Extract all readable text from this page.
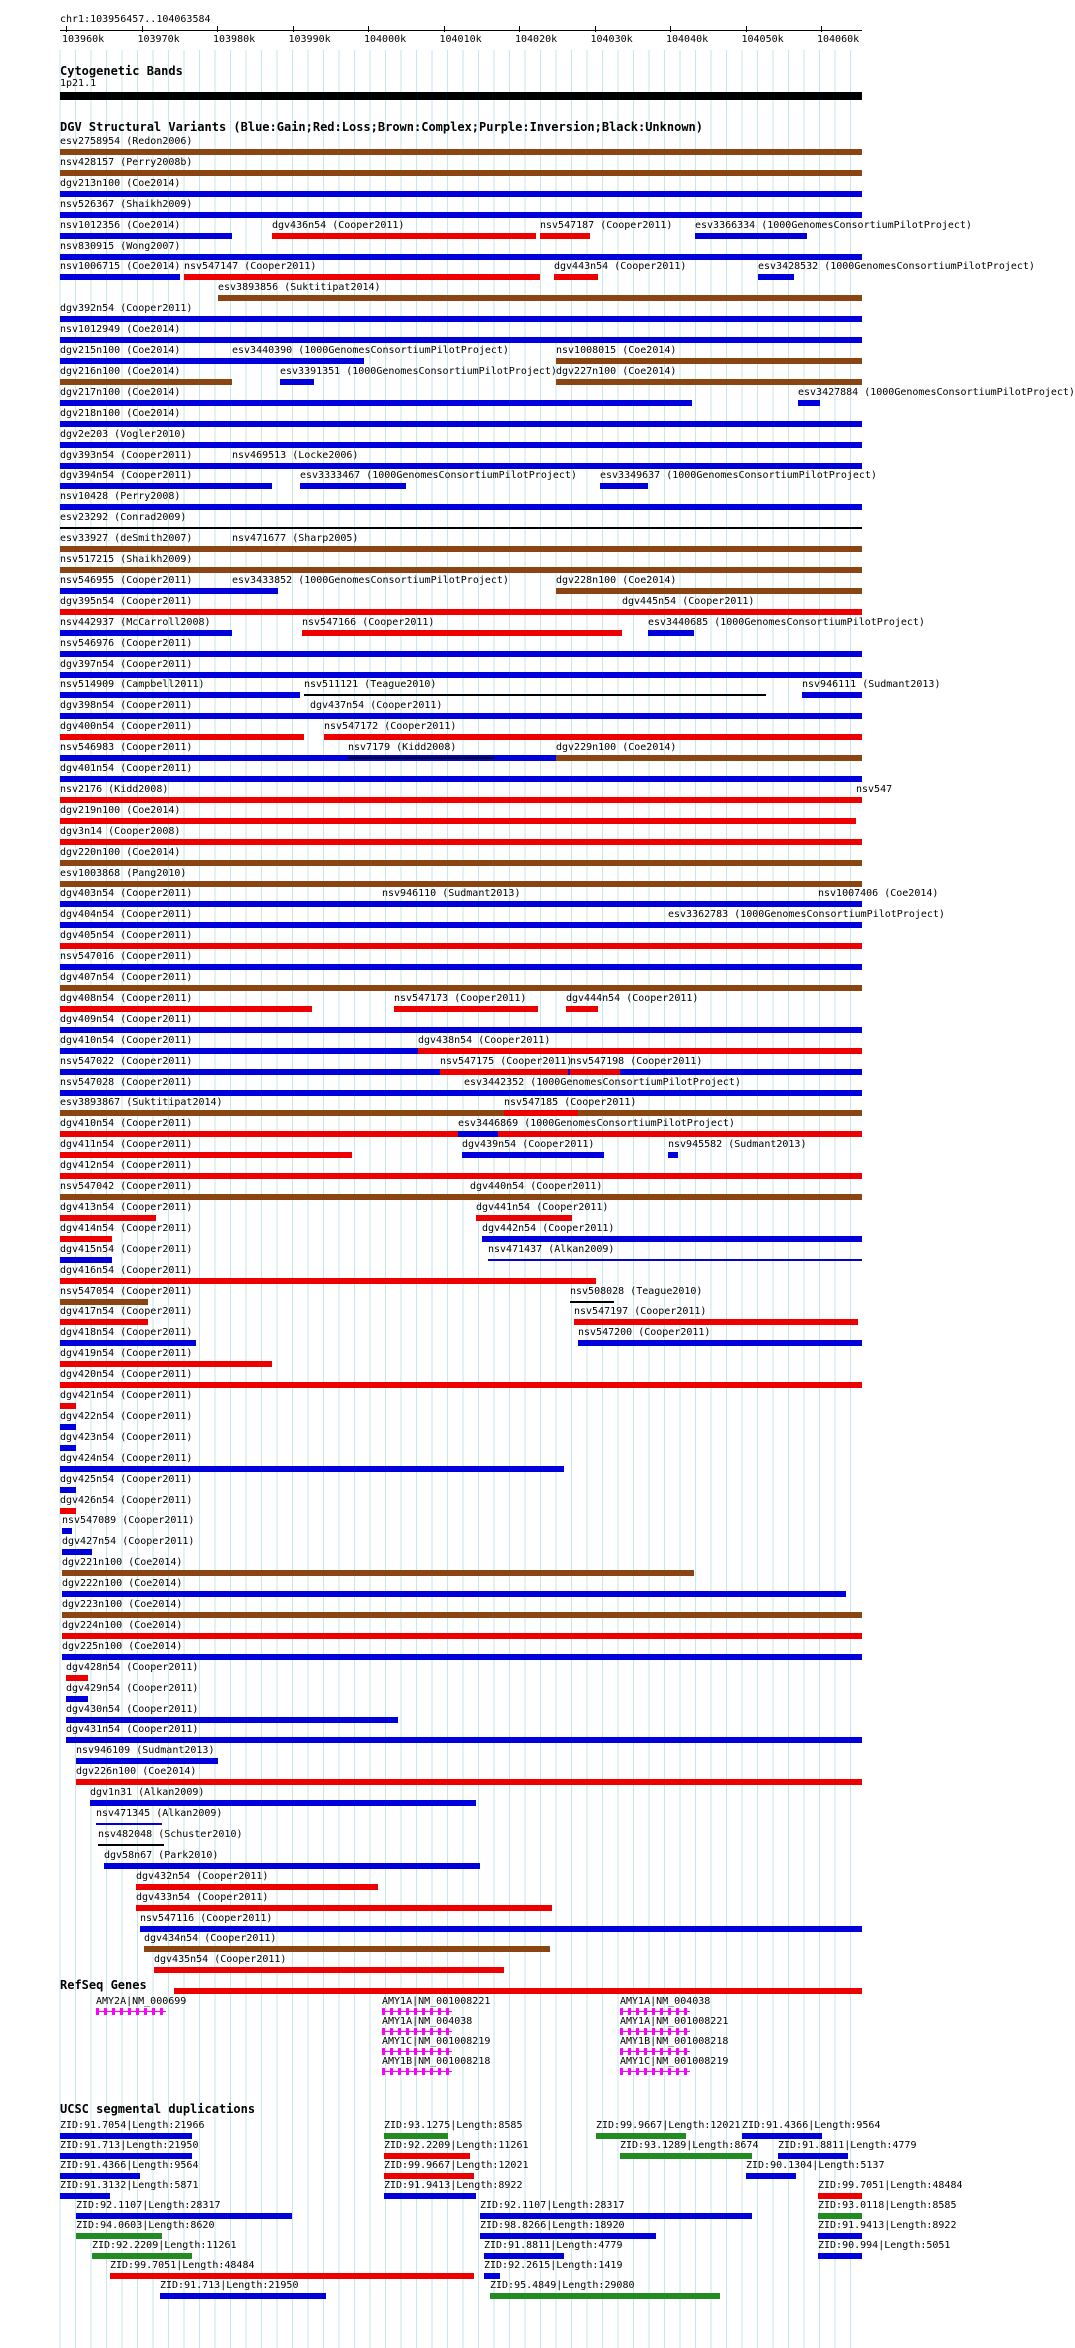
chr1:103956457..104063584
103960k	103970k	103980k	103990k	104000k	104010k	104020k	104030k	104040k	104050k	104060k
Cytogenetic Bands
1p21.1
DGV Structural Variants (Blue:Gain;Red:Loss;Brown:Complex;Purple:Inversion;Black:Unknown)
esv2758954 (Redon2006)
nsv428157 (Perry2008b)
dgv213n100 (Coe2014)
nsv526367 (Shaikh2009)
nsv1012356 (Coe2014)	dgv436n54 (Cooper2011)	nsv547187 (Cooper2011) esv3366334 (1000GenomesConsortiumPilotProject)
nsv830915 (Wong2007)
nsv1006715 (Coe2014) nsv547147 (Cooper2011)	dgv443n54 (Cooper2011)	esv3428532 (1000GenomesConsortiumPilotProject)
esv3893856 (Suktitipat2014)
dgv392n54 (Cooper2011)
nsv1012949 (Coe2014)
dgv215n100 (Coe2014)	esv3440390 (1000GenomesConsortiumPilotProject)	nsv1008015 (Coe2014)
dgv216n100 (Coe2014)	esv3391351 (1000GenomesConsortiumPilotProject) dgv227n100 (Coe2014)
dgv217n100 (Coe2014)	esv3427884 (1000GenomesConsortiumPilotProject)
dgv218n100 (Coe2014)
dgv2e203 (Vogler2010)
dgv393n54 (Cooper2011)	nsv469513 (Locke2006)
dgv394n54 (Cooper2011)	esv3333467 (1000GenomesConsortiumPilotProject) esv3349637 (1000GenomesConsortiumPilotProject)
nsv10428 (Perry2008)
esv23292 (Conrad2009)
esv33927 (deSmith2007)	nsv471677 (Sharp2005)
nsv517215 (Shaikh2009)
nsv546955 (Cooper2011)	esv3433852 (1000GenomesConsortiumPilotProject)	dgv228n100 (Coe2014)
dgv395n54 (Cooper2011)	dgv445n54 (Cooper2011)
nsv442937 (McCarroll2008)	nsv547166 (Cooper2011)	esv3440685 (1000GenomesConsortiumPilotProject)
nsv546976 (Cooper2011)
dgv397n54 (Cooper2011)
nsv514909 (Campbell2011)	nsv511121 (Teague2010)	nsv946111 (Sudmant2013)
dgv398n54 (Cooper2011)	dgv437n54 (Cooper2011)
dgv400n54 (Cooper2011)	nsv547172 (Cooper2011)
nsv546983 (Cooper2011)	nsv7179 (Kidd2008)	dgv229n100 (Coe2014)
dgv401n54 (Cooper2011)
nsv2176 (Kidd2008)	nsv547
dgv219n100 (Coe2014)
dgv3n14 (Cooper2008)
dgv220n100 (Coe2014)
esv1003868 (Pang2010)
dgv403n54 (Cooper2011)	nsv946110 (Sudmant2013)	nsv1007406 (Coe2014)
dgv404n54 (Cooper2011)	esv3362783 (1000GenomesConsortiumPilotProject)
dgv405n54 (Cooper2011)
nsv547016 (Cooper2011)
dgv407n54 (Cooper2011)
dgv408n54 (Cooper2011)	nsv547173 (Cooper2011)	dgv444n54 (Cooper2011)
dgv409n54 (Cooper2011)
dgv410n54 (Cooper2011)	dgv438n54 (Cooper2011)
nsv547022 (Cooper2011)	nsv547175 (Cooper2011)
nsv547198 (Cooper2011)
nsv547028 (Cooper2011)	esv3442352 (1000GenomesConsortiumPilotProject)
esv3893867 (Suktitipat2014)	nsv547185 (Cooper2011)
dgv410n54 (Cooper2011)	esv3446869 (1000GenomesConsortiumPilotProject)
dgv411n54 (Cooper2011)	dgv439n54 (Cooper2011)	nsv945582 (Sudmant2013)
dgv412n54 (Cooper2011)
nsv547042 (Cooper2011)	dgv440n54 (Cooper2011)
dgv413n54 (Cooper2011)	dgv441n54 (Cooper2011)
dgv414n54 (Cooper2011)	dgv442n54 (Cooper2011)
dgv415n54 (Cooper2011)	nsv471437 (Alkan2009)
dgv416n54 (Cooper2011)
nsv547054 (Cooper2011)	nsv508028 (Teague2010)
dgv417n54 (Cooper2011)	nsv547197 (Cooper2011)
dgv418n54 (Cooper2011)	nsv547200 (Cooper2011)
dgv419n54 (Cooper2011)
dgv420n54 (Cooper2011)
dgv421n54 (Cooper2011)
dgv422n54 (Cooper2011)
dgv423n54 (Cooper2011)
dgv424n54 (Cooper2011)
dgv425n54 (Cooper2011)
dgv426n54 (Cooper2011)
nsv547089 (Cooper2011)
dgv427n54 (Cooper2011)
dgv221n100 (Coe2014)
dgv222n100 (Coe2014)
dgv223n100 (Coe2014)
dgv224n100 (Coe2014)
dgv225n100 (Coe2014)
dgv428n54 (Cooper2011)
dgv429n54 (Cooper2011)
dgv430n54 (Cooper2011)
dgv431n54 (Cooper2011)
nsv946109 (Sudmant2013)
dgv226n100 (Coe2014)
dgv1n31 (Alkan2009)
nsv471345 (Alkan2009)
nsv482048 (Schuster2010)
dgv58n67 (Park2010)
dgv432n54 (Cooper2011)
dgv433n54 (Cooper2011)
nsv547116 (Cooper2011)
dgv434n54 (Cooper2011)
dgv435n54 (Cooper2011)
RefSeq Genes
AMY2A|NM_000699	AMY1A|NM_001008221
AMY1A|NM_004038
AMY1C|NM_001008219
AMY1B|NM_001008218
AMY1A|NM_004038
AMY1A|NM_001008221
AMY1B|NM_001008218
AMY1C|NM_001008219
UCSC segmental duplications
ZID:91.7054|Length:21966	ZID:93.1275|Length:8585	ZID:99.9667|Length:12021 ZID:91.4366|Length:9564
ZID:91.713|Length:21950	ZID:92.2209|Length:11261	ZID:93.1289|Length:8674 ZID:91.8811|Length:4779
ZID:91.4366|Length:9564	ZID:99.9667|Length:12021	ZID:90.1304|Length:5137
ZID:91.3132|Length:5871	ZID:91.9413|Length:8922	ZID:99.7051|Length:48484
ZID:92.1107|Length:28317	ZID:92.1107|Length:28317	ZID:93.0118|Length:8585
ZID:94.0603|Length:8620	ZID:98.8266|Length:18920	ZID:91.9413|Length:8922
ZID:92.2209|Length:11261	ZID:91.8811|Length:4779	ZID:90.994|Length:5051
ZID:99.7051|Length:48484	ZID:92.2615|Length:1419
ZID:91.713|Length:21950	ZID:95.4849|Length:29080
